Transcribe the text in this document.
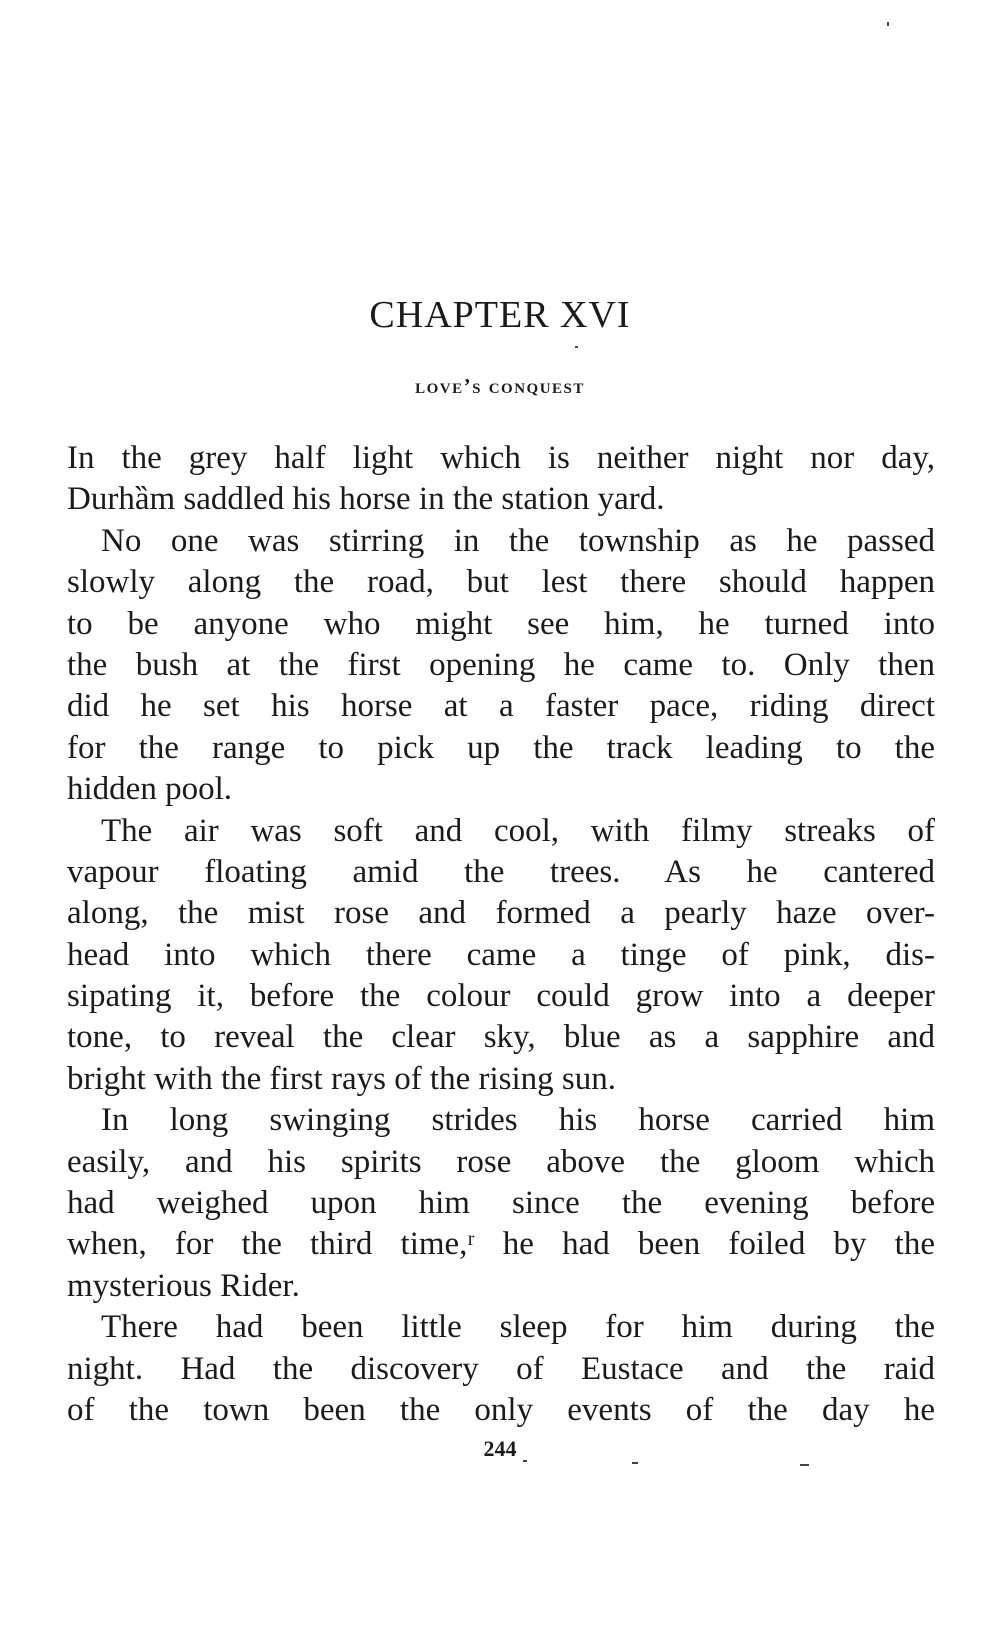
CHAPTER XVI
love’s conquest
In the grey half light which is neither night nor day,
Durhȁm saddled his horse in the station yard.
No one was stirring in the township as he passed
slowly along the road, but lest there should happen
to be anyone who might see him, he turned into
the bush at the first opening he came to. Only then
did he set his horse at a faster pace, riding direct
for the range to pick up the track leading to the
hidden pool.
The air was soft and cool, with filmy streaks of
vapour floating amid the trees. As he cantered
along, the mist rose and formed a pearly haze over-
head into which there came a tinge of pink, dis-
sipating it, before the colour could grow into a deeper
tone, to reveal the clear sky, blue as a sapphire and
bright with the first rays of the rising sun.
In long swinging strides his horse carried him
easily, and his spirits rose above the gloom which
had weighed upon him since the evening before
when, for the third time,ʳ he had been foiled by the
mysterious Rider.
There had been little sleep for him during the
night. Had the discovery of Eustace and the raid
of the town been the only events of the day he
244
